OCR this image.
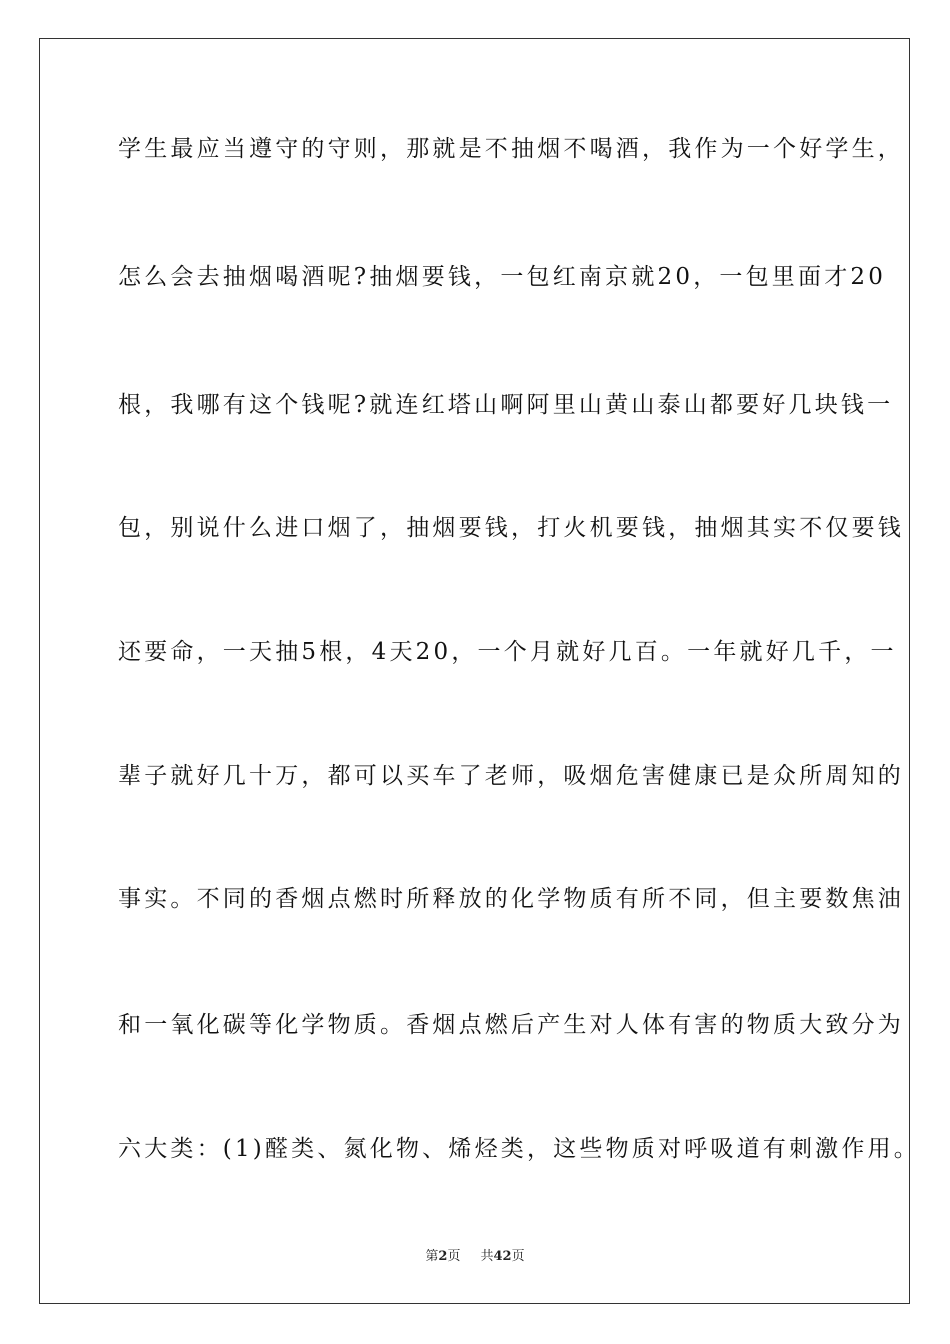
学生最应当遵守的守则，那就是不抽烟不喝酒，我作为一个好学生，
怎么会去抽烟喝酒呢?抽烟要钱，一包红南京就20，一包里面才20
根，我哪有这个钱呢?就连红塔山啊阿里山黄山泰山都要好几块钱一
包，别说什么进口烟了，抽烟要钱，打火机要钱，抽烟其实不仅要钱
还要命，一天抽5根，4天20，一个月就好几百。一年就好几千，一
辈子就好几十万，都可以买车了老师，吸烟危害健康已是众所周知的
事实。不同的香烟点燃时所释放的化学物质有所不同，但主要数焦油
和一氧化碳等化学物质。香烟点燃后产生对人体有害的物质大致分为
六大类：(1)醛类、氮化物、烯烃类，这些物质对呼吸道有刺激作用。
第2页 共42页
